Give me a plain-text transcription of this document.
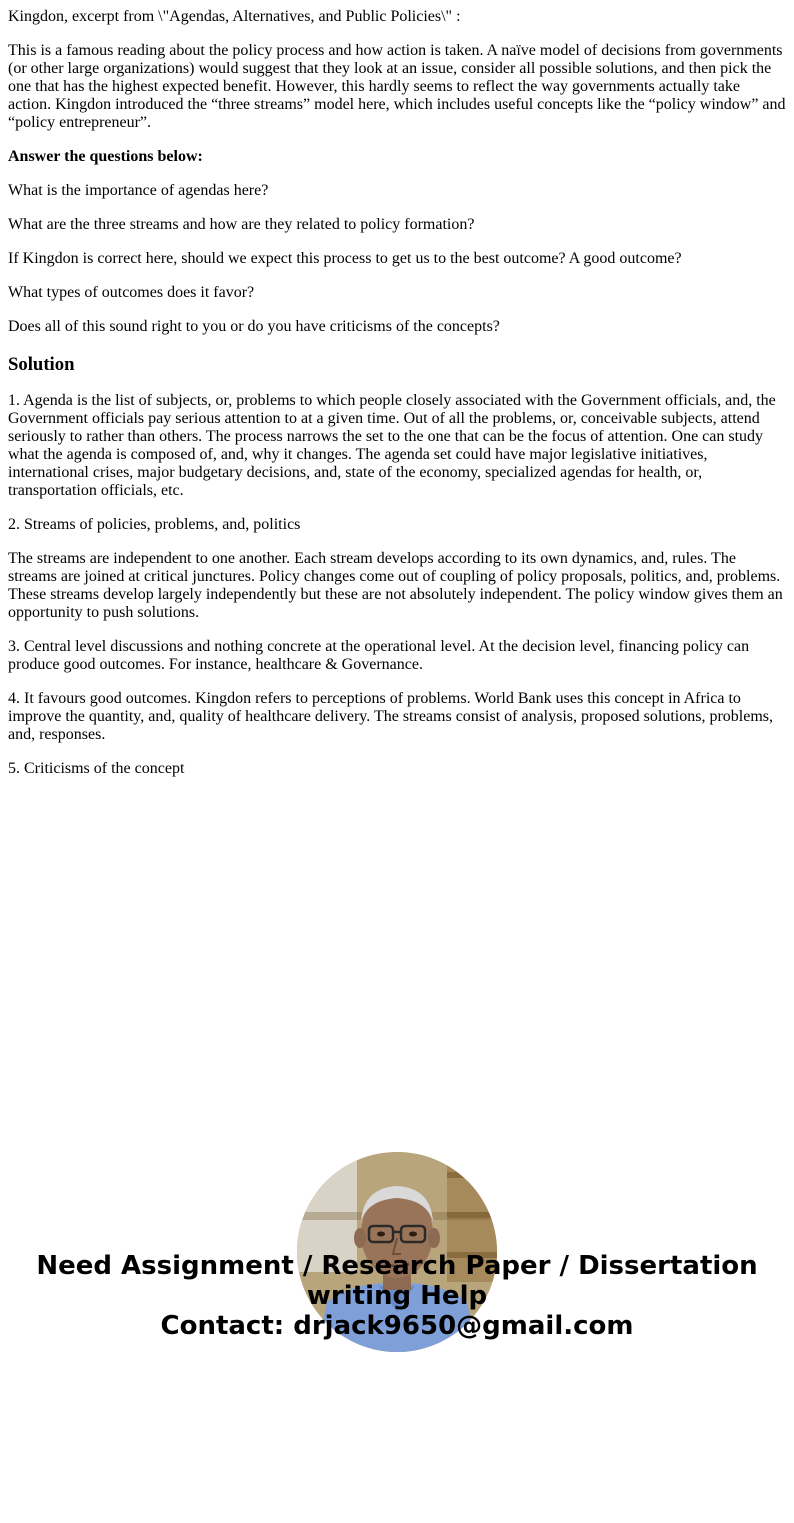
Kingdon, excerpt from \"Agendas, Alternatives, and Public Policies\" :

This is a famous reading about the policy process and how action is taken. A naïve model of decisions from governments (or other large organizations) would suggest that they look at an issue, consider all possible solutions, and then pick the one that has the highest expected benefit. However, this hardly seems to reflect the way governments actually take action. Kingdon introduced the “three streams” model here, which includes useful concepts like the “policy window” and “policy entrepreneur”.

Answer the questions below:

What is the importance of agendas here?

What are the three streams and how are they related to policy formation?

If Kingdon is correct here, should we expect this process to get us to the best outcome? A good outcome?

What types of outcomes does it favor?

Does all of this sound right to you or do you have criticisms of the concepts?

Solution

1. Agenda is the list of subjects, or, problems to which people closely associated with the Government officials, and, the Government officials pay serious attention to at a given time. Out of all the problems, or, conceivable subjects, attend seriously to rather than others. The process narrows the set to the one that can be the focus of attention. One can study what the agenda is composed of, and, why it changes. The agenda set could have major legislative initiatives, international crises, major budgetary decisions, and, state of the economy, specialized agendas for health, or, transportation officials, etc.

2. Streams of policies, problems, and, politics

The streams are independent to one another. Each stream develops according to its own dynamics, and, rules. The streams are joined at critical junctures. Policy changes come out of coupling of policy proposals, politics, and, problems. These streams develop largely independently but these are not absolutely independent. The policy window gives them an opportunity to push solutions.

3. Central level discussions and nothing concrete at the operational level. At the decision level, financing policy can produce good outcomes. For instance, healthcare & Governance.

4. It favours good outcomes. Kingdon refers to perceptions of problems. World Bank uses this concept in Africa to improve the quantity, and, quality of healthcare delivery. The streams consist of analysis, proposed solutions, problems, and, responses.

5. Criticisms of the concept

Need Assignment / Research Paper / Dissertation
writing Help
Contact: drjack9650@gmail.com
